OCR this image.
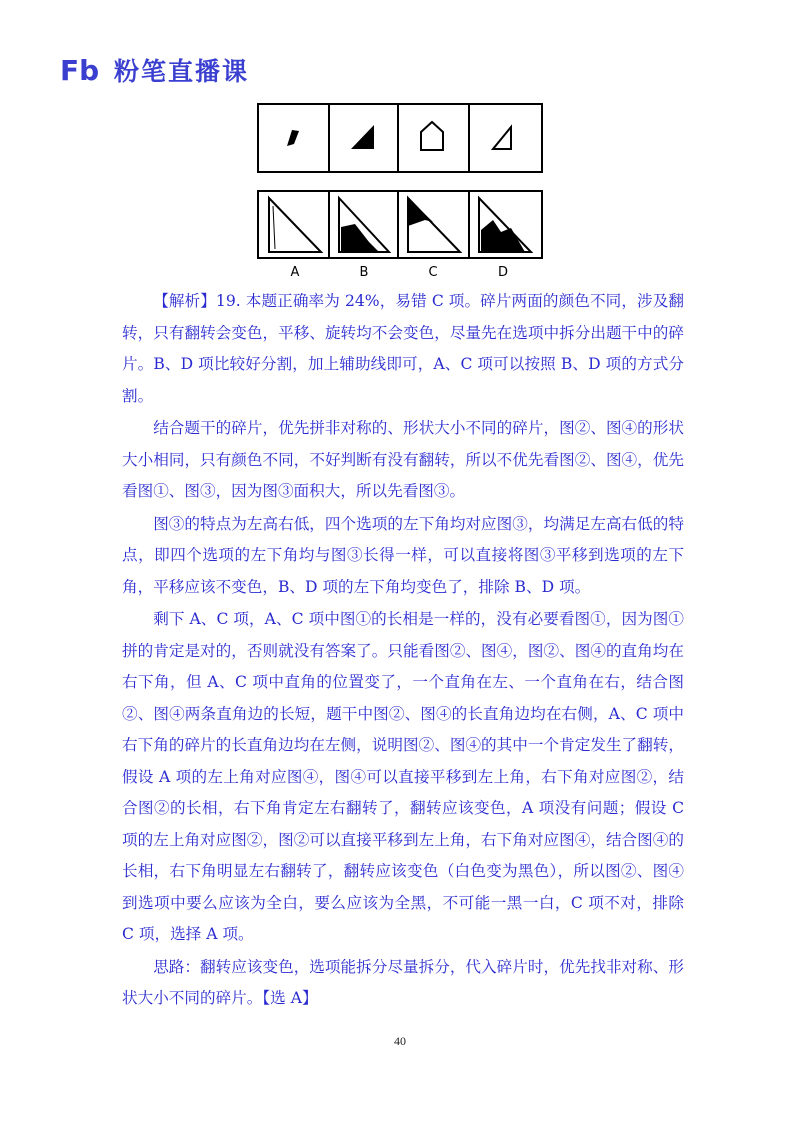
Fb 粉笔直播课
A	B	C	D

【解析】19. 本题正确率为 24%，易错 C 项。碎片两面的颜色不同，涉及翻转，只有翻转会变色，平移、旋转均不会变色，尽量先在选项中拆分出题干中的碎片。B、D 项比较好分割，加上辅助线即可，A、C 项可以按照 B、D 项的方式分割。

结合题干的碎片，优先拼非对称的、形状大小不同的碎片，图②、图④的形状大小相同，只有颜色不同，不好判断有没有翻转，所以不优先看图②、图④，优先看图①、图③，因为图③面积大，所以先看图③。

图③的特点为左高右低，四个选项的左下角均对应图③，均满足左高右低的特点，即四个选项的左下角均与图③长得一样，可以直接将图③平移到选项的左下角，平移应该不变色，B、D 项的左下角均变色了，排除 B、D 项。

剩下 A、C 项，A、C 项中图①的长相是一样的，没有必要看图①，因为图①拼的肯定是对的，否则就没有答案了。只能看图②、图④，图②、图④的直角均在右下角，但 A、C 项中直角的位置变了，一个直角在左、一个直角在右，结合图②、图④两条直角边的长短，题干中图②、图④的长直角边均在右侧，A、C 项中右下角的碎片的长直角边均在左侧，说明图②、图④的其中一个肯定发生了翻转，假设 A 项的左上角对应图④，图④可以直接平移到左上角，右下角对应图②，结合图②的长相，右下角肯定左右翻转了，翻转应该变色，A 项没有问题；假设 C 项的左上角对应图②，图②可以直接平移到左上角，右下角对应图④，结合图④的长相，右下角明显左右翻转了，翻转应该变色（白色变为黑色），所以图②、图④到选项中要么应该为全白，要么应该为全黑，不可能一黑一白，C 项不对，排除 C 项，选择 A 项。

思路：翻转应该变色，选项能拆分尽量拆分，代入碎片时，优先找非对称、形状大小不同的碎片。【选 A】

40
